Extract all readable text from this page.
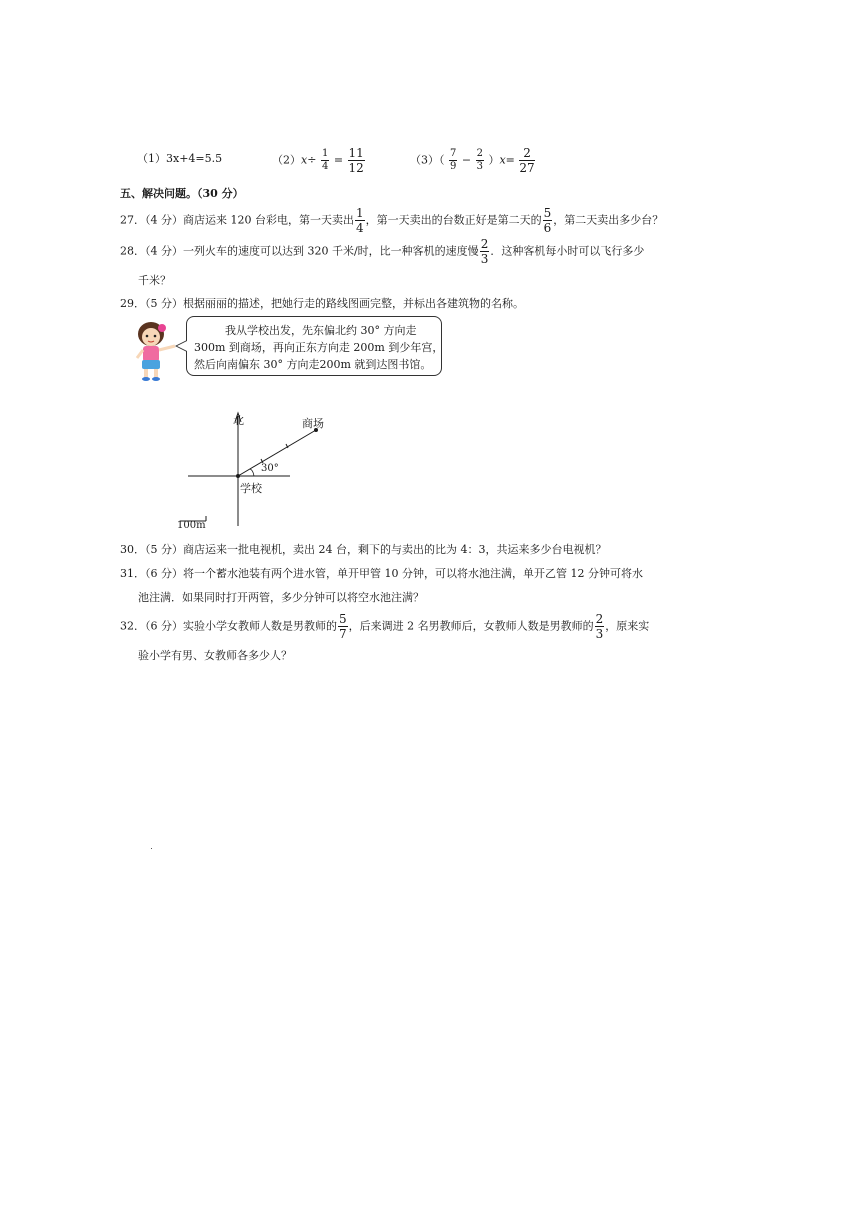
（1）3x+4=5.5	$(2)x\div \frac{1}{4} = \frac{11}{12}$	$(3)( \frac{7}{9} - \frac{2}{3} )x= \frac{2}{27}$
五、解决问题。（30 分）
27．（4 分）商店运来 120 台彩电，第一天卖出 $\frac{1}{4}$ ，第一天卖出的台数正好是第二天的 $\frac{5}{6}$ ，第二天卖出多少台？
28．（4 分）一列火车的速度可以达到 320 千米/时，比一种客机的速度慢 $\frac{2}{3}$ ．这种客机每小时可以飞行多少
千米？
29．（5 分）根据丽丽的描述，把她行走的路线图画完整，并标出各建筑物的名称。
我从学校出发，先东偏北约 30° 方向走
300m 到商场，再向正东方向走 200m 到少年宫，
然后向南偏东 30° 方向走200m 就到达图书馆。
北	商场
30°
学校
100m
30．（5 分）商店运来一批电视机，卖出 24 台，剩下的与卖出的比为 4：3，共运来多少台电视机？
31．（6 分）将一个蓄水池装有两个进水管，单开甲管 10 分钟，可以将水池注满，单开乙管 12 分钟可将水
池注满．如果同时打开两管，多少分钟可以将空水池注满？
32．（6 分）实验小学女教师人数是男教师的 $\frac{5}{7}$ ，后来调进 2 名男教师后，女教师人数是男教师的 $\frac{2}{3}$ ，原来实
验小学有男、女教师各多少人？
